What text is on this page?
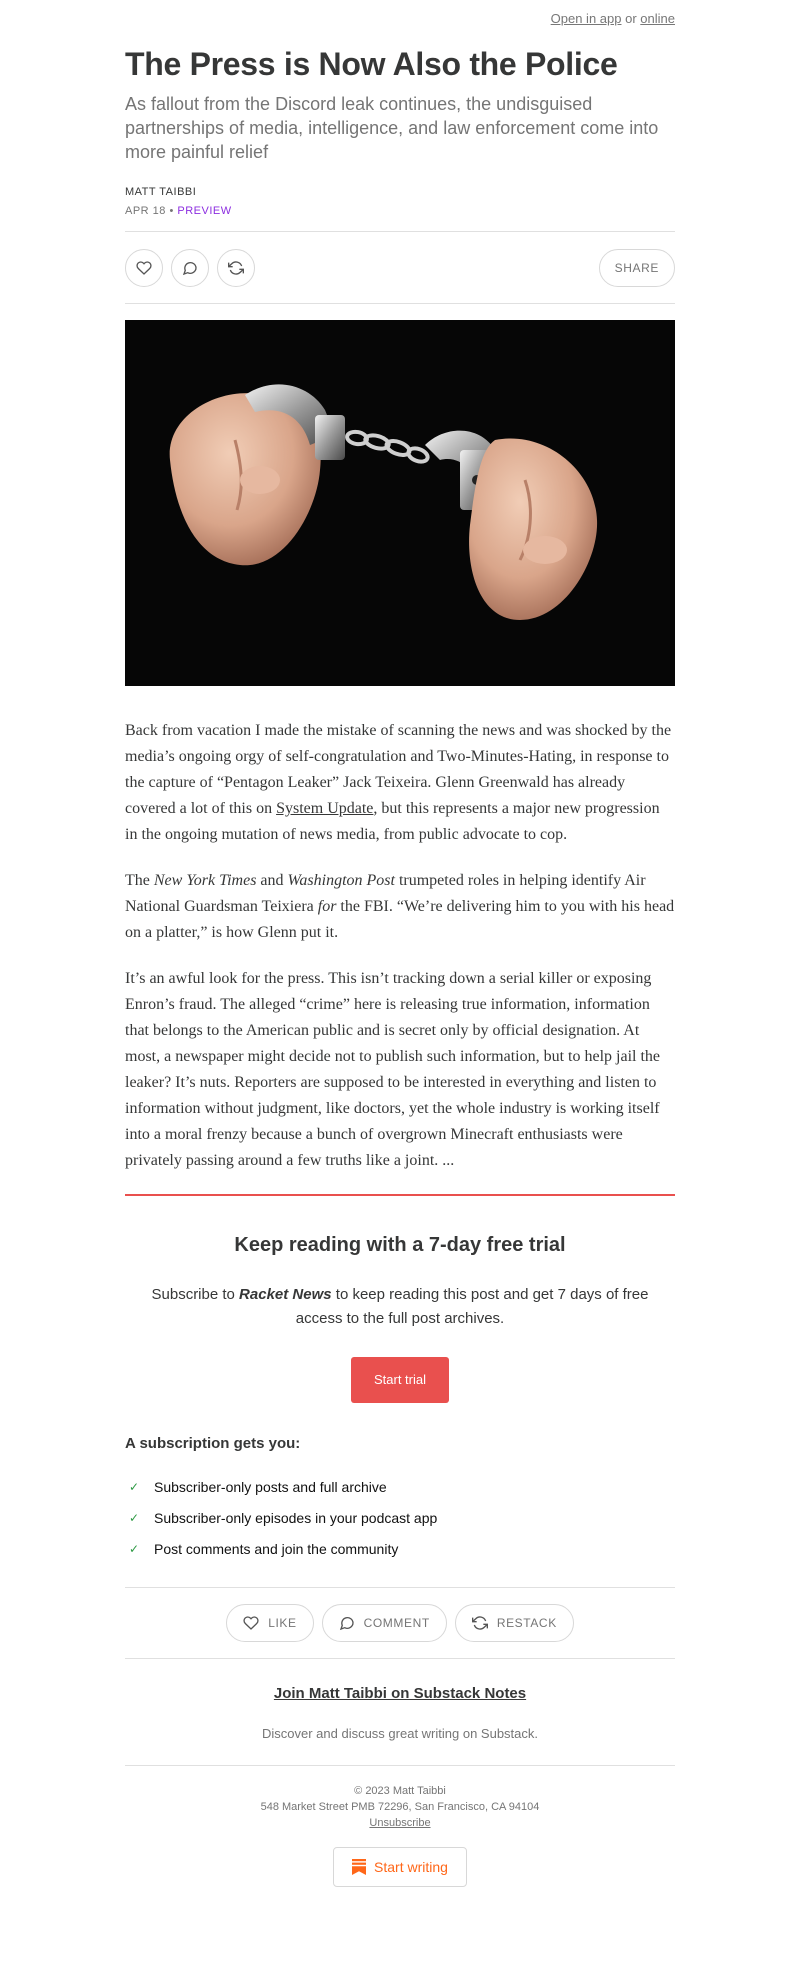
Open in app or online
The Press is Now Also the Police
As fallout from the Discord leak continues, the undisguised partnerships of media, intelligence, and law enforcement come into more painful relief
MATT TAIBBI
APR 18 • PREVIEW
SHARE

Back from vacation I made the mistake of scanning the news and was shocked by the media’s ongoing orgy of self-congratulation and Two-Minutes-Hating, in response to the capture of “Pentagon Leaker” Jack Teixeira. Glenn Greenwald has already covered a lot of this on System Update, but this represents a major new progression in the ongoing mutation of news media, from public advocate to cop.

The New York Times and Washington Post trumpeted roles in helping identify Air National Guardsman Teixiera for the FBI. “We’re delivering him to you with his head on a platter,” is how Glenn put it.

It’s an awful look for the press. This isn’t tracking down a serial killer or exposing Enron’s fraud. The alleged “crime” here is releasing true information, information that belongs to the American public and is secret only by official designation. At most, a newspaper might decide not to publish such information, but to help jail the leaker? It’s nuts. Reporters are supposed to be interested in everything and listen to information without judgment, like doctors, yet the whole industry is working itself into a moral frenzy because a bunch of overgrown Minecraft enthusiasts were privately passing around a few truths like a joint. ...

Keep reading with a 7-day free trial
Subscribe to Racket News to keep reading this post and get 7 days of free access to the full post archives.
Start trial
A subscription gets you:
✓ Subscriber-only posts and full archive
✓ Subscriber-only episodes in your podcast app
✓ Post comments and join the community
LIKE	COMMENT	RESTACK
Join Matt Taibbi on Substack Notes
Discover and discuss great writing on Substack.
© 2023 Matt Taibbi
548 Market Street PMB 72296, San Francisco, CA 94104
Unsubscribe
Start writing
